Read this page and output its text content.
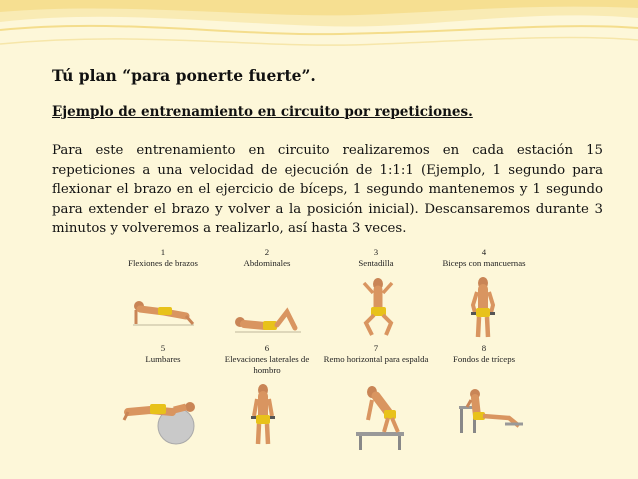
Tú plan “para ponerte fuerte”.
Ejemplo de entrenamiento en circuito por repeticiones.
Para este entrenamiento en circuito realizaremos en cada estación 15 repeticiones a una velocidad de ejecución de 1:1:1 (Ejemplo, 1 segundo para flexionar el brazo en el ejercicio de bíceps, 1 segundo mantenemos y 1 segundo para extender el brazo y volver a la posición inicial). Descansaremos durante 3 minutos y volveremos a realizarlo, así hasta 3 veces.
1
Flexiones de brazos
2
Abdominales
3
Sentadilla
4
Biceps con mancuernas
5
Lumbares
6
Elevaciones laterales de hombro
7
Remo horizontal para espalda
8
Fondos de tríceps
